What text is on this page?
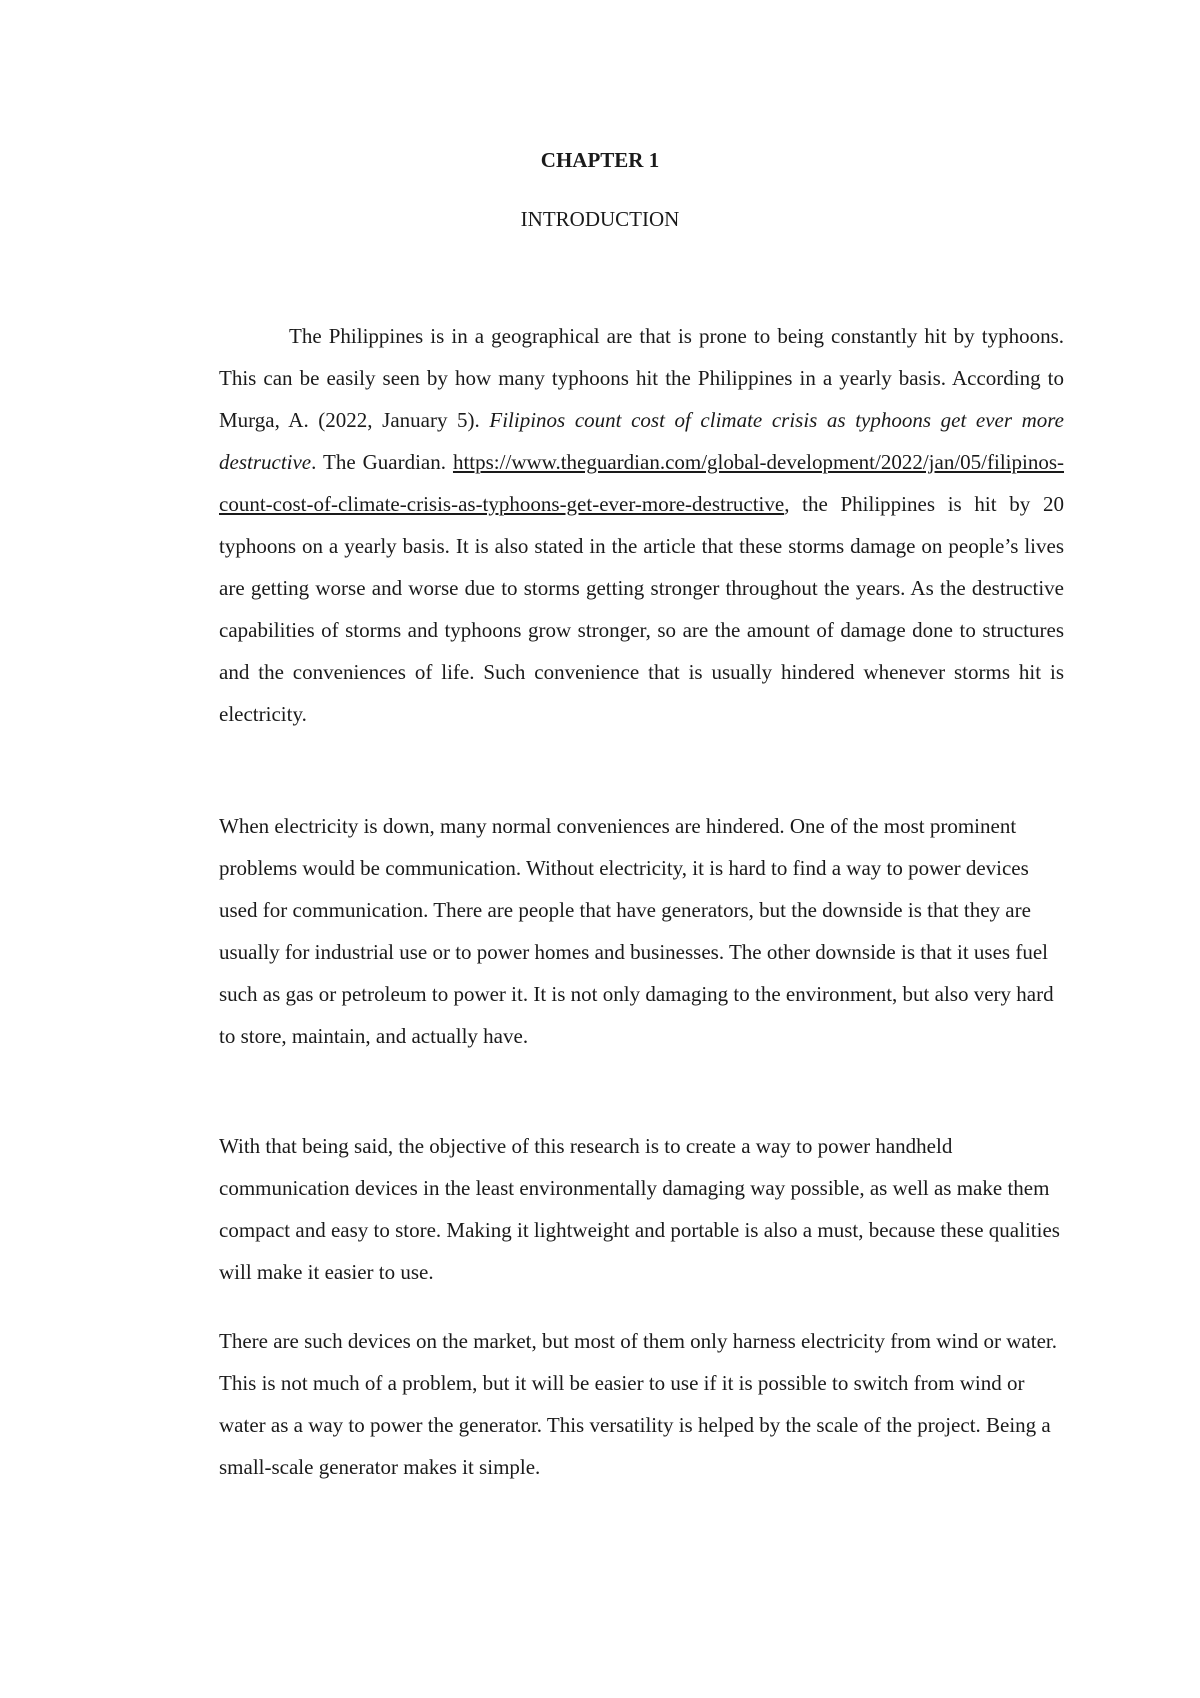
CHAPTER 1
INTRODUCTION

The Philippines is in a geographical are that is prone to being constantly hit by typhoons. This can be easily seen by how many typhoons hit the Philippines in a yearly basis. According to Murga, A. (2022, January 5). Filipinos count cost of climate crisis as typhoons get ever more destructive. The Guardian. https://www.theguardian.com/global-development/2022/jan/05/filipinos-count-cost-of-climate-crisis-as-typhoons-get-ever-more-destructive, the Philippines is hit by 20 typhoons on a yearly basis. It is also stated in the article that these storms damage on people’s lives are getting worse and worse due to storms getting stronger throughout the years. As the destructive capabilities of storms and typhoons grow stronger, so are the amount of damage done to structures and the conveniences of life. Such convenience that is usually hindered whenever storms hit is electricity.

When electricity is down, many normal conveniences are hindered. One of the most prominent problems would be communication. Without electricity, it is hard to find a way to power devices used for communication. There are people that have generators, but the downside is that they are usually for industrial use or to power homes and businesses. The other downside is that it uses fuel such as gas or petroleum to power it. It is not only damaging to the environment, but also very hard to store, maintain, and actually have.

With that being said, the objective of this research is to create a way to power handheld communication devices in the least environmentally damaging way possible, as well as make them compact and easy to store. Making it lightweight and portable is also a must, because these qualities will make it easier to use.

There are such devices on the market, but most of them only harness electricity from wind or water. This is not much of a problem, but it will be easier to use if it is possible to switch from wind or water as a way to power the generator. This versatility is helped by the scale of the project. Being a small-scale generator makes it simple.
